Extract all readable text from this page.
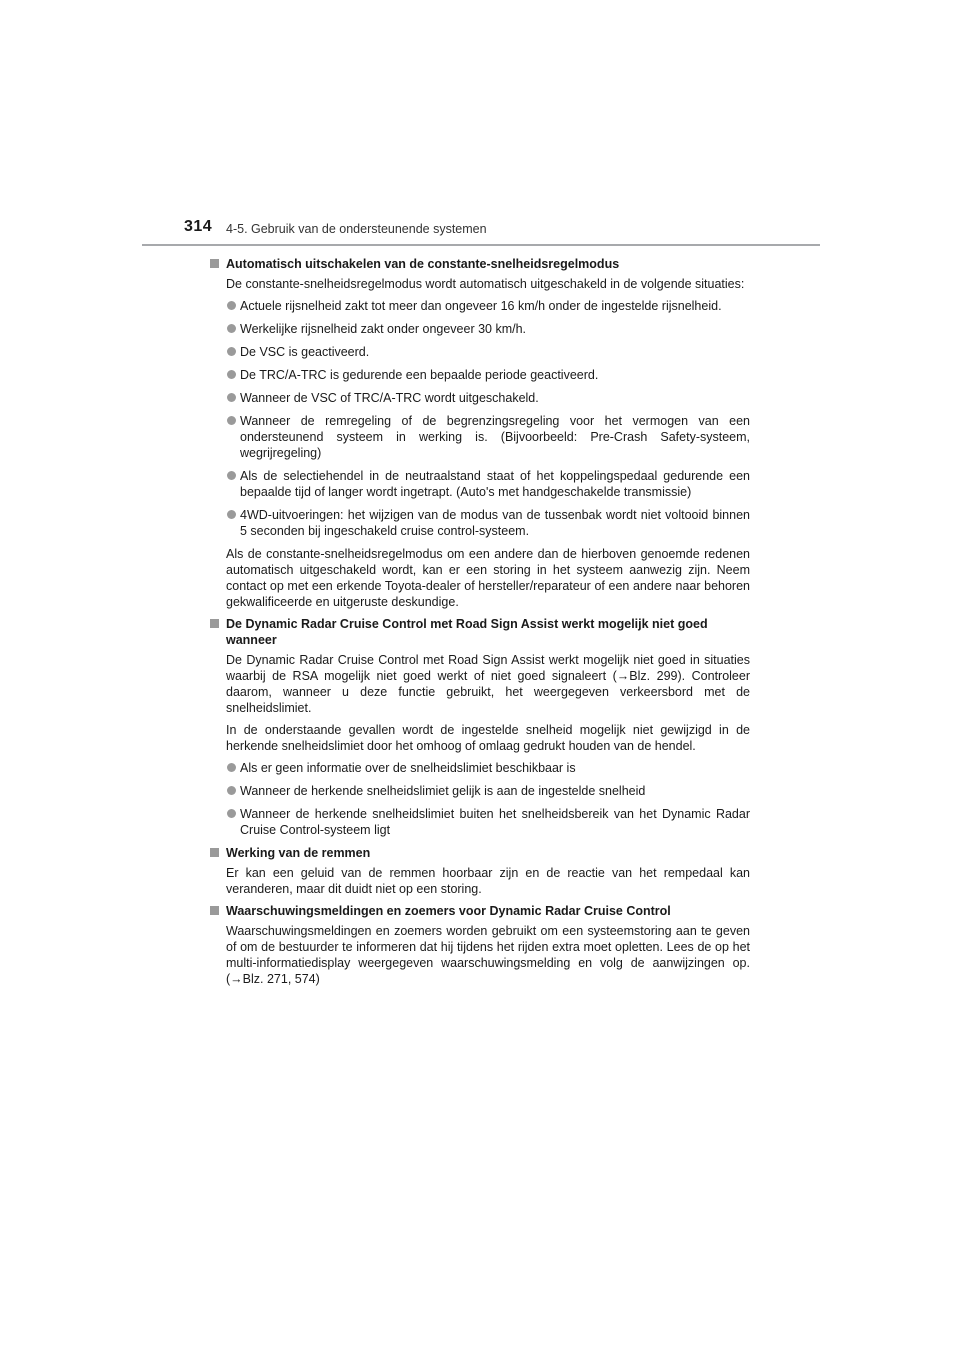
314 4-5. Gebruik van de ondersteunende systemen
Automatisch uitschakelen van de constante-snelheidsregelmodus

De constante-snelheidsregelmodus wordt automatisch uitgeschakeld in de volgende situaties:

Actuele rijsnelheid zakt tot meer dan ongeveer 16 km/h onder de ingestelde rijsnelheid.
Werkelijke rijsnelheid zakt onder ongeveer 30 km/h.
De VSC is geactiveerd.
De TRC/A-TRC is gedurende een bepaalde periode geactiveerd.
Wanneer de VSC of TRC/A-TRC wordt uitgeschakeld.
Wanneer de remregeling of de begrenzingsregeling voor het vermogen van een ondersteunend systeem in werking is. (Bijvoorbeeld: Pre-Crash Safety-systeem, wegrijregeling)
Als de selectiehendel in de neutraalstand staat of het koppelingspedaal gedurende een bepaalde tijd of langer wordt ingetrapt. (Auto's met handgeschakelde transmissie)
4WD-uitvoeringen: het wijzigen van de modus van de tussenbak wordt niet voltooid binnen 5 seconden bij ingeschakeld cruise control-systeem.

Als de constante-snelheidsregelmodus om een andere dan de hierboven genoemde redenen automatisch uitgeschakeld wordt, kan er een storing in het systeem aanwezig zijn. Neem contact op met een erkende Toyota-dealer of hersteller/reparateur of een andere naar behoren gekwalificeerde en uitgeruste deskundige.

De Dynamic Radar Cruise Control met Road Sign Assist werkt mogelijk niet goed wanneer

De Dynamic Radar Cruise Control met Road Sign Assist werkt mogelijk niet goed in situaties waarbij de RSA mogelijk niet goed werkt of niet goed signaleert (→Blz. 299). Controleer daarom, wanneer u deze functie gebruikt, het weergegeven verkeersbord met de snelheidslimiet.

In de onderstaande gevallen wordt de ingestelde snelheid mogelijk niet gewijzigd in de herkende snelheidslimiet door het omhoog of omlaag gedrukt houden van de hendel.

Als er geen informatie over de snelheidslimiet beschikbaar is
Wanneer de herkende snelheidslimiet gelijk is aan de ingestelde snelheid
Wanneer de herkende snelheidslimiet buiten het snelheidsbereik van het Dynamic Radar Cruise Control-systeem ligt
Werking van de remmen

Er kan een geluid van de remmen hoorbaar zijn en de reactie van het rempedaal kan veranderen, maar dit duidt niet op een storing.

Waarschuwingsmeldingen en zoemers voor Dynamic Radar Cruise Control

Waarschuwingsmeldingen en zoemers worden gebruikt om een systeemstoring aan te geven of om de bestuurder te informeren dat hij tijdens het rijden extra moet opletten. Lees de op het multi-informatiedisplay weergegeven waarschuwingsmelding en volg de aanwijzingen op. (→Blz. 271, 574)
